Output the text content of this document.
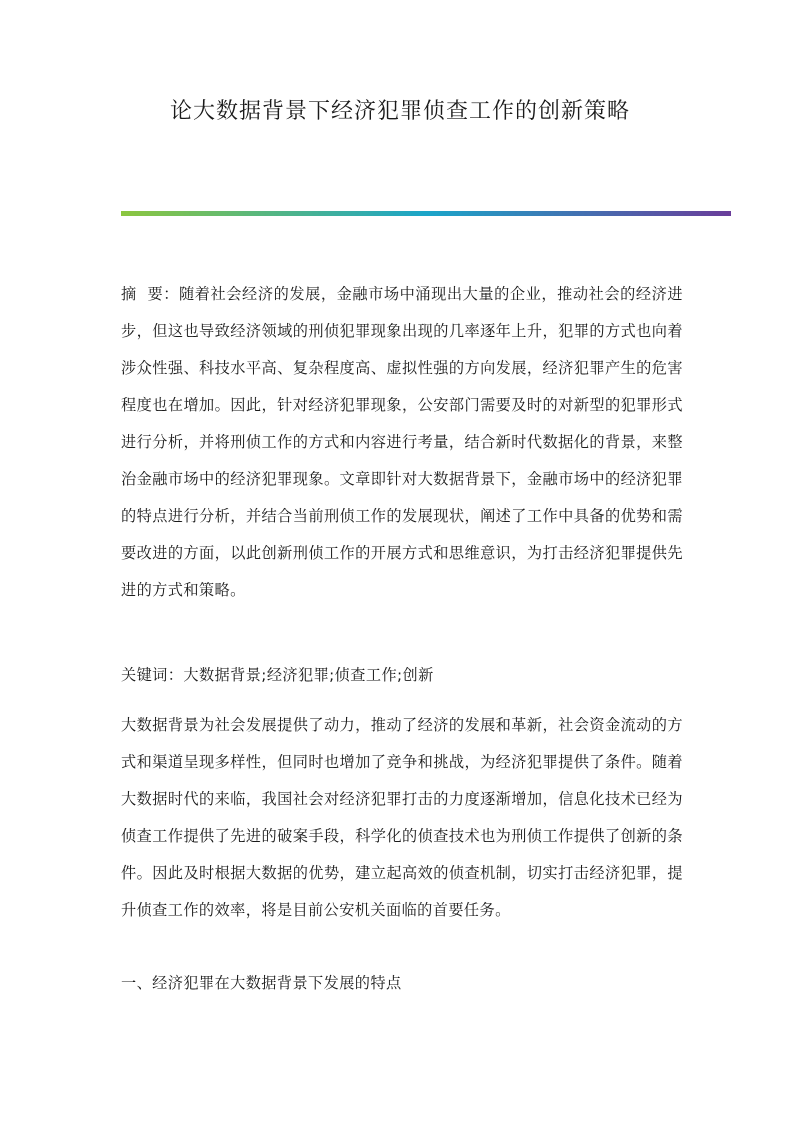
论大数据背景下经济犯罪侦查工作的创新策略
摘  要：随着社会经济的发展，金融市场中涌现出大量的企业，推动社会的经济进步，但这也导致经济领域的刑侦犯罪现象出现的几率逐年上升，犯罪的方式也向着涉众性强、科技水平高、复杂程度高、虚拟性强的方向发展，经济犯罪产生的危害程度也在增加。因此，针对经济犯罪现象，公安部门需要及时的对新型的犯罪形式进行分析，并将刑侦工作的方式和内容进行考量，结合新时代数据化的背景，来整治金融市场中的经济犯罪现象。文章即针对大数据背景下，金融市场中的经济犯罪的特点进行分析，并结合当前刑侦工作的发展现状，阐述了工作中具备的优势和需要改进的方面，以此创新刑侦工作的开展方式和思维意识，为打击经济犯罪提供先进的方式和策略。
关键词：大数据背景;经济犯罪;侦查工作;创新
大数据背景为社会发展提供了动力，推动了经济的发展和革新，社会资金流动的方式和渠道呈现多样性，但同时也增加了竞争和挑战，为经济犯罪提供了条件。随着大数据时代的来临，我国社会对经济犯罪打击的力度逐渐增加，信息化技术已经为侦查工作提供了先进的破案手段，科学化的侦查技术也为刑侦工作提供了创新的条件。因此及时根据大数据的优势，建立起高效的侦查机制，切实打击经济犯罪，提升侦查工作的效率，将是目前公安机关面临的首要任务。
一、经济犯罪在大数据背景下发展的特点
